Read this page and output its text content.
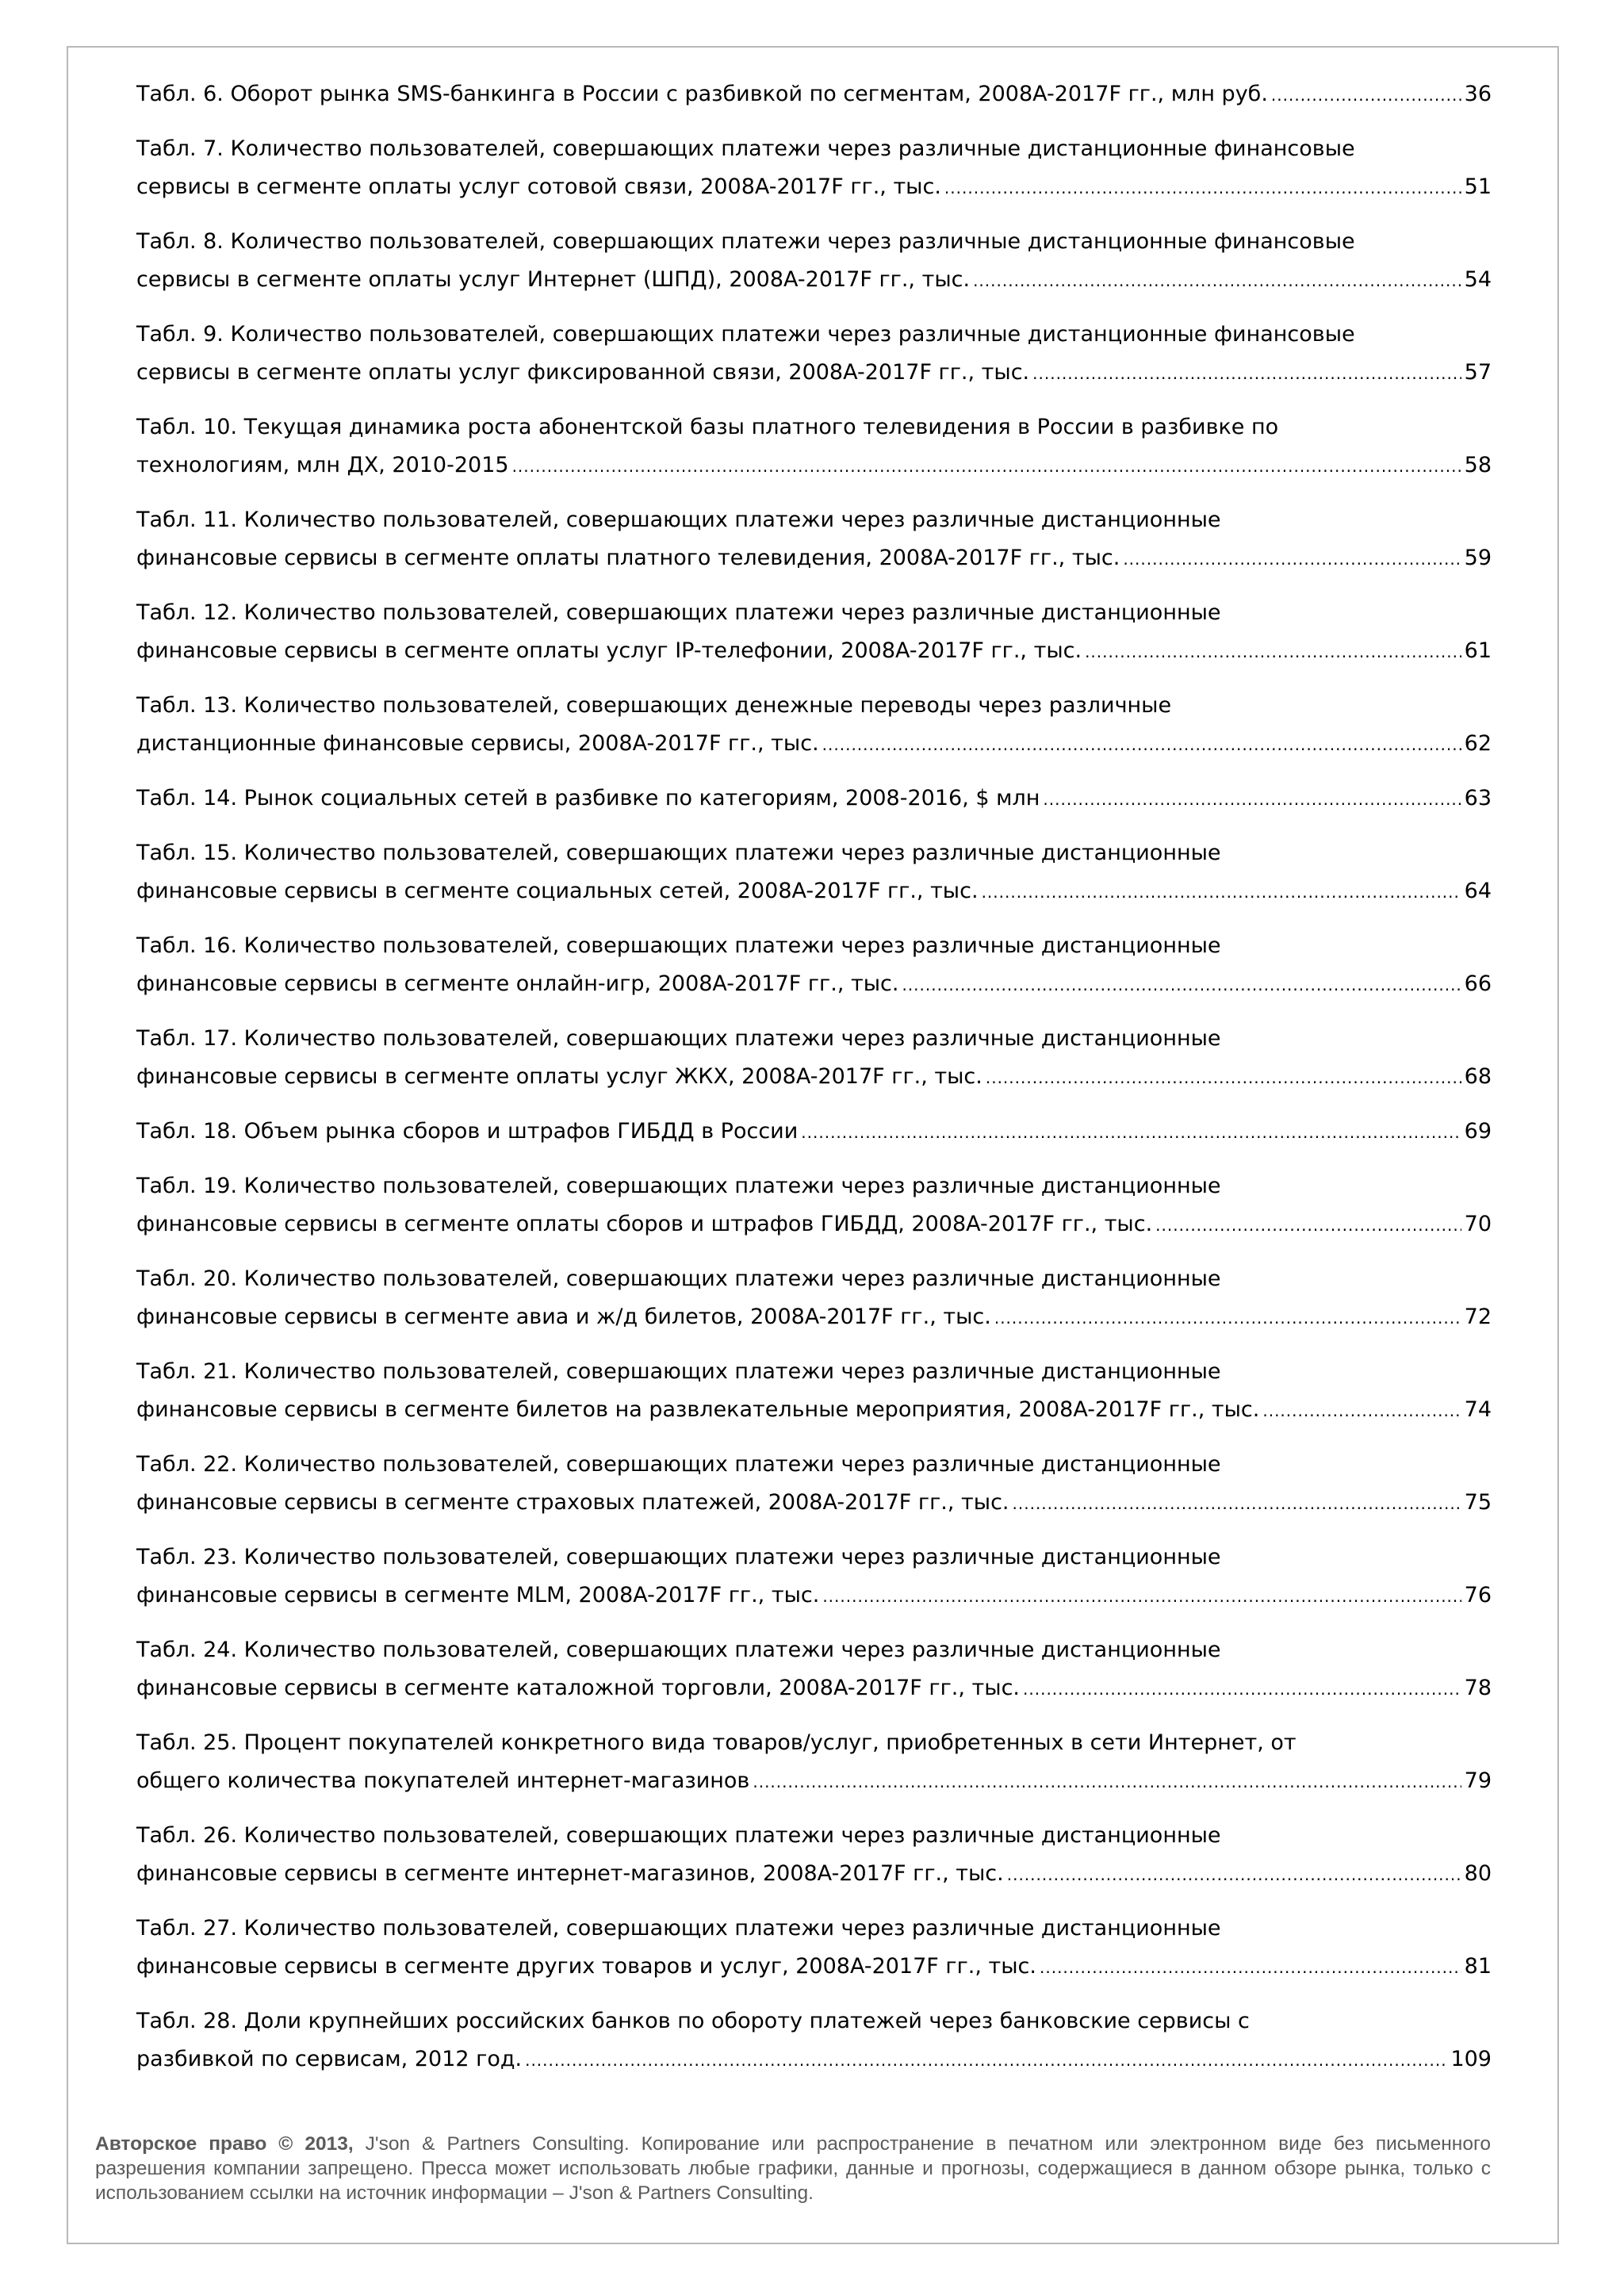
Табл. 6. Оборот рынка SMS-банкинга в России с разбивкой по сегментам, 2008A-2017F гг., млн руб. .....	36
Табл. 7. Количество пользователей, совершающих платежи через различные дистанционные финансовые
сервисы в сегменте оплаты услуг сотовой связи, 2008A-2017F гг., тыс. .....	51
Табл. 8. Количество пользователей, совершающих платежи через различные дистанционные финансовые
сервисы в сегменте оплаты услуг Интернет (ШПД), 2008A-2017F гг., тыс. .....	54
Табл. 9. Количество пользователей, совершающих платежи через различные дистанционные финансовые
сервисы в сегменте оплаты услуг фиксированной связи, 2008A-2017F гг., тыс. .....	57
Табл. 10. Текущая динамика роста абонентской базы платного телевидения в России в разбивке по
технологиям, млн ДХ, 2010-2015 .....	58
Табл. 11. Количество пользователей, совершающих платежи через различные дистанционные
финансовые сервисы в сегменте оплаты платного телевидения, 2008A-2017F гг., тыс. .....	59
Табл. 12. Количество пользователей, совершающих платежи через различные дистанционные
финансовые сервисы в сегменте оплаты услуг IP-телефонии, 2008A-2017F гг., тыс. .....	61
Табл. 13. Количество пользователей, совершающих денежные переводы через различные
дистанционные финансовые сервисы, 2008A-2017F гг., тыс. .....	62
Табл. 14. Рынок социальных сетей в разбивке по категориям, 2008-2016, $ млн .....	63
Табл. 15. Количество пользователей, совершающих платежи через различные дистанционные
финансовые сервисы в сегменте социальных сетей, 2008A-2017F гг., тыс. .....	64
Табл. 16. Количество пользователей, совершающих платежи через различные дистанционные
финансовые сервисы в сегменте онлайн-игр, 2008A-2017F гг., тыс. .....	66
Табл. 17. Количество пользователей, совершающих платежи через различные дистанционные
финансовые сервисы в сегменте оплаты услуг ЖКХ, 2008A-2017F гг., тыс. .....	68
Табл. 18. Объем рынка сборов и штрафов ГИБДД в России .....	69
Табл. 19. Количество пользователей, совершающих платежи через различные дистанционные
финансовые сервисы в сегменте оплаты сборов и штрафов ГИБДД, 2008A-2017F гг., тыс. .....	70
Табл. 20. Количество пользователей, совершающих платежи через различные дистанционные
финансовые сервисы в сегменте авиа и ж/д билетов, 2008A-2017F гг., тыс. .....	72
Табл. 21. Количество пользователей, совершающих платежи через различные дистанционные
финансовые сервисы в сегменте билетов на развлекательные мероприятия, 2008A-2017F гг., тыс. .....	74
Табл. 22. Количество пользователей, совершающих платежи через различные дистанционные
финансовые сервисы в сегменте страховых платежей, 2008A-2017F гг., тыс. .....	75
Табл. 23. Количество пользователей, совершающих платежи через различные дистанционные
финансовые сервисы в сегменте MLM, 2008A-2017F гг., тыс. .....	76
Табл. 24. Количество пользователей, совершающих платежи через различные дистанционные
финансовые сервисы в сегменте каталожной торговли, 2008A-2017F гг., тыс. .....	78
Табл. 25. Процент покупателей конкретного вида товаров/услуг, приобретенных в сети Интернет, от
общего количества покупателей интернет-магазинов .....	79
Табл. 26. Количество пользователей, совершающих платежи через различные дистанционные
финансовые сервисы в сегменте интернет-магазинов, 2008A-2017F гг., тыс. .....	80
Табл. 27. Количество пользователей, совершающих платежи через различные дистанционные
финансовые сервисы в сегменте других товаров и услуг, 2008A-2017F гг., тыс. .....	81
Табл. 28. Доли крупнейших российских банков по обороту платежей через банковские сервисы с
разбивкой по сервисам, 2012 год. .....	109
Авторское право © 2013, J'son & Partners Consulting. Копирование или распространение в печатном или электронном виде без письменного разрешения компании запрещено. Пресса может использовать любые графики, данные и прогнозы, содержащиеся в данном обзоре рынка, только с использованием ссылки на источник информации – J'son & Partners Consulting.
